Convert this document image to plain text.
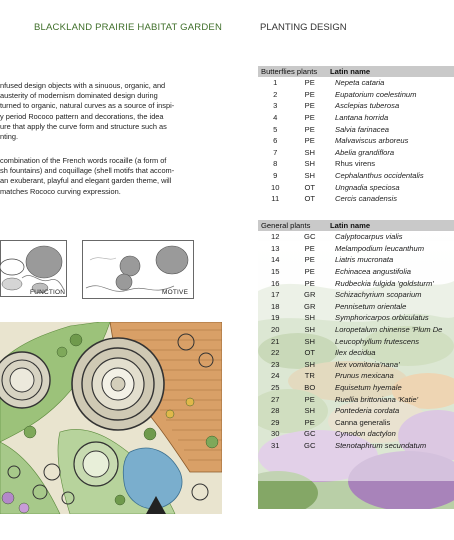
BLACKLAND PRAIRIE HABITAT GARDEN	PLANTING DESIGN
nfused design objects with a sinuous, organic, and
austerity of modernism dominated design during
turned to organic, natural curves as a source of inspi-
y period Rococo pattern and decorations, the idea
ure that apply the curve form and structure such as
nting.
combination of the French words rocaille (a form of
sh fountains) and coquillage (shell motifs that accom-
an exuberant, playful and elegant garden theme, will
matches Rococo curving expression.
FUNCTION	MOTIVE
Butterflies plants		Latin name
1	PE	Nepeta cataria
2	PE	Eupatorium coelestinum
3	PE	Asclepias tuberosa
4	PE	Lantana horrida
5	PE	Salvia farinacea
6	PE	Malvaviscus arboreus
7	SH	Abelia grandiflora
8	SH	Rhus virens
9	SH	Cephalanthus occidentalis
10	OT	Ungnadia speciosa
11	OT	Cercis canadensis
General plants		Latin name
12	GC	Calyptocarpus vialis
13	PE	Melampodium leucanthum
14	PE	Liatris mucronata
15	PE	Echinacea angustifolia
16	PE	Rudbeckia fulgida 'goldsturm'
17	GR	Schizachyrium scoparium
18	GR	Pennisetum orientale
19	SH	Symphoricarpos orbiculatus
20	SH	Loropetalum chinense 'Plum De
21	SH	Leucophyllum frutescens
22	OT	Ilex decidua
23	SH	Ilex vomitoria'nana'
24	TR	Prunus mexicana
25	BO	Equisetum hyemale
27	PE	Ruellia brittoniana 'Katie'
28	SH	Pontederia cordata
29	PE	Canna generalis
30	GC	Cynodon dactylon
31	GC	Stenotaphrum secundatum
